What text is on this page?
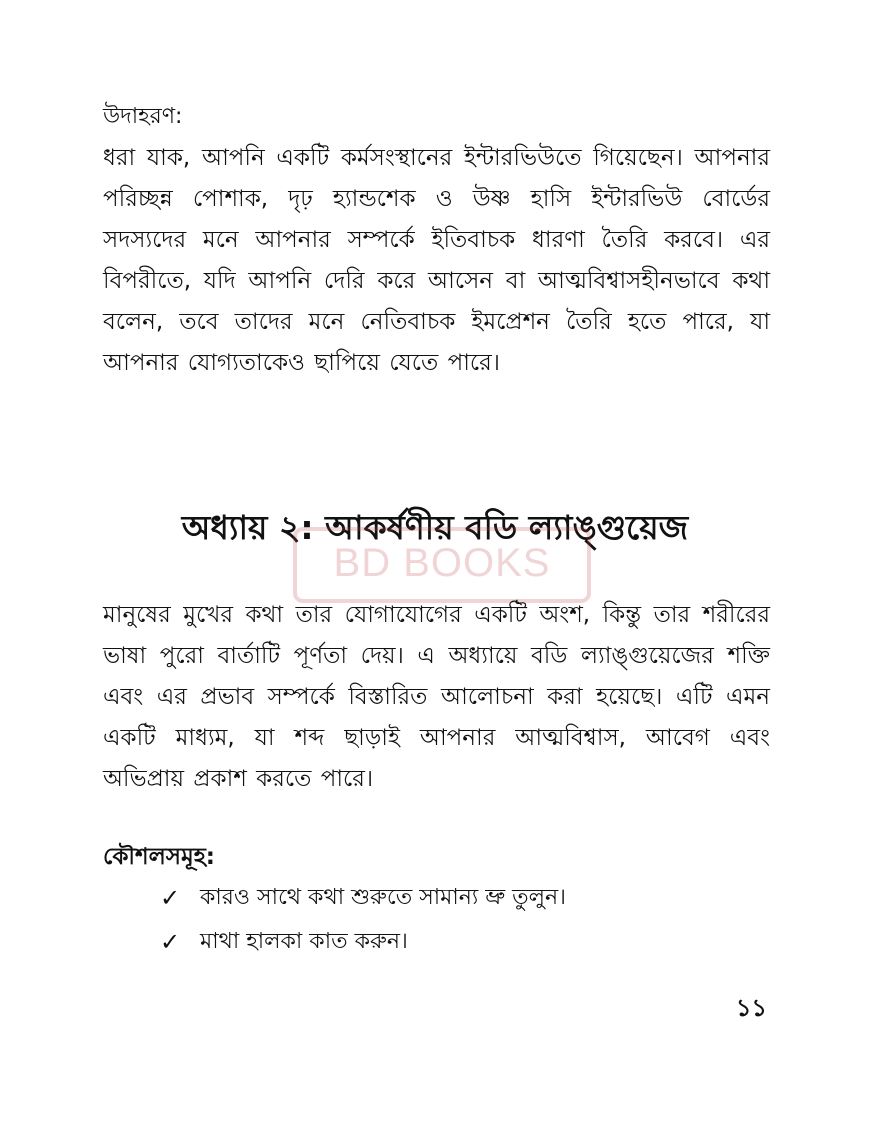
উদাহরণ:

ধরা যাক, আপনি একটি কর্মসংস্থানের ইন্টারভিউতে গিয়েছেন। আপনার পরিচ্ছন্ন পোশাক, দৃঢ় হ্যান্ডশেক ও উষ্ণ হাসি ইন্টারভিউ বোর্ডের সদস্যদের মনে আপনার সম্পর্কে ইতিবাচক ধারণা তৈরি করবে। এর বিপরীতে, যদি আপনি দেরি করে আসেন বা আত্মবিশ্বাসহীনভাবে কথা বলেন, তবে তাদের মনে নেতিবাচক ইমপ্রেশন তৈরি হতে পারে, যা আপনার যোগ্যতাকেও ছাপিয়ে যেতে পারে।

অধ্যায় ২: আকর্ষণীয় বডি ল্যাঙ্গুয়েজ
BD BOOKS

মানুষের মুখের কথা তার যোগাযোগের একটি অংশ, কিন্তু তার শরীরের ভাষা পুরো বার্তাটি পূর্ণতা দেয়। এ অধ্যায়ে বডি ল্যাঙ্গুয়েজের শক্তি এবং এর প্রভাব সম্পর্কে বিস্তারিত আলোচনা করা হয়েছে। এটি এমন একটি মাধ্যম, যা শব্দ ছাড়াই আপনার আত্মবিশ্বাস, আবেগ এবং অভিপ্রায় প্রকাশ করতে পারে।

কৌশলসমূহ:

✓ কারও সাথে কথা শুরুতে সামান্য ভ্রু তুলুন।
✓ মাথা হালকা কাত করুন।
১১
